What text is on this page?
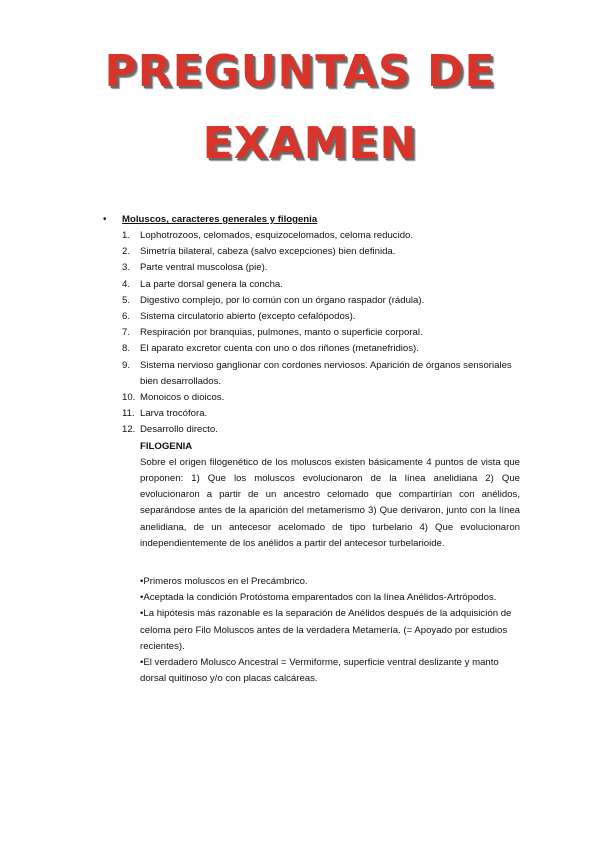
PREGUNTAS DE
EXAMEN
• Moluscos, caracteres generales y filogenia
1.	Lophotrozoos, celomados, esquizocelomados, celoma reducido.
2.	Simetría bilateral, cabeza (salvo excepciones) bien definida.
3.	Parte ventral muscolosa (pie).
4.	La parte dorsal genera la concha.
5.	Digestivo complejo, por lo común con un órgano raspador (rádula).
6.	Sistema circulatorio abierto (excepto cefalópodos).
7.	Respiración por branquias, pulmones, manto o superficie corporal.
8.	El aparato excretor cuenta con uno o dos riñones (metanefridios).
9.	Sistema nervioso ganglionar con cordones nerviosos. Aparición de órganos sensoriales bien desarrollados.
10. Monoicos o dioicos.
11. Larva trocófora.
12. Desarrollo directo.
FILOGENIA
Sobre el origen filogenético de los moluscos existen básicamente 4 puntos de vista que proponen: 1) Que los moluscos evolucionaron de la línea anelidiana 2) Que evolucionaron a partir de un ancestro celomado que compartirían con anélidos, separándose antes de la aparición del metamerismo 3) Que derivaron, junto con la línea anelidiana, de un antecesor acelomado de tipo turbelario 4) Que evolucionaron independientemente de los anélidos a partir del antecesor turbelarioide.

•Primeros moluscos en el Precámbrico.

•Aceptada la condición Protóstoma emparentados con la línea Anélidos-Artrópodos.

•La hipótesis más razonable es la separación de Anélidos después de la adquisición de celoma pero Filo Moluscos antes de la verdadera Metamería. (= Apoyado por estudios recientes).

•El verdadero Molusco Ancestral = Vermiforme, superficie ventral deslizante y manto dorsal quitinoso y/o con placas calcáreas.
